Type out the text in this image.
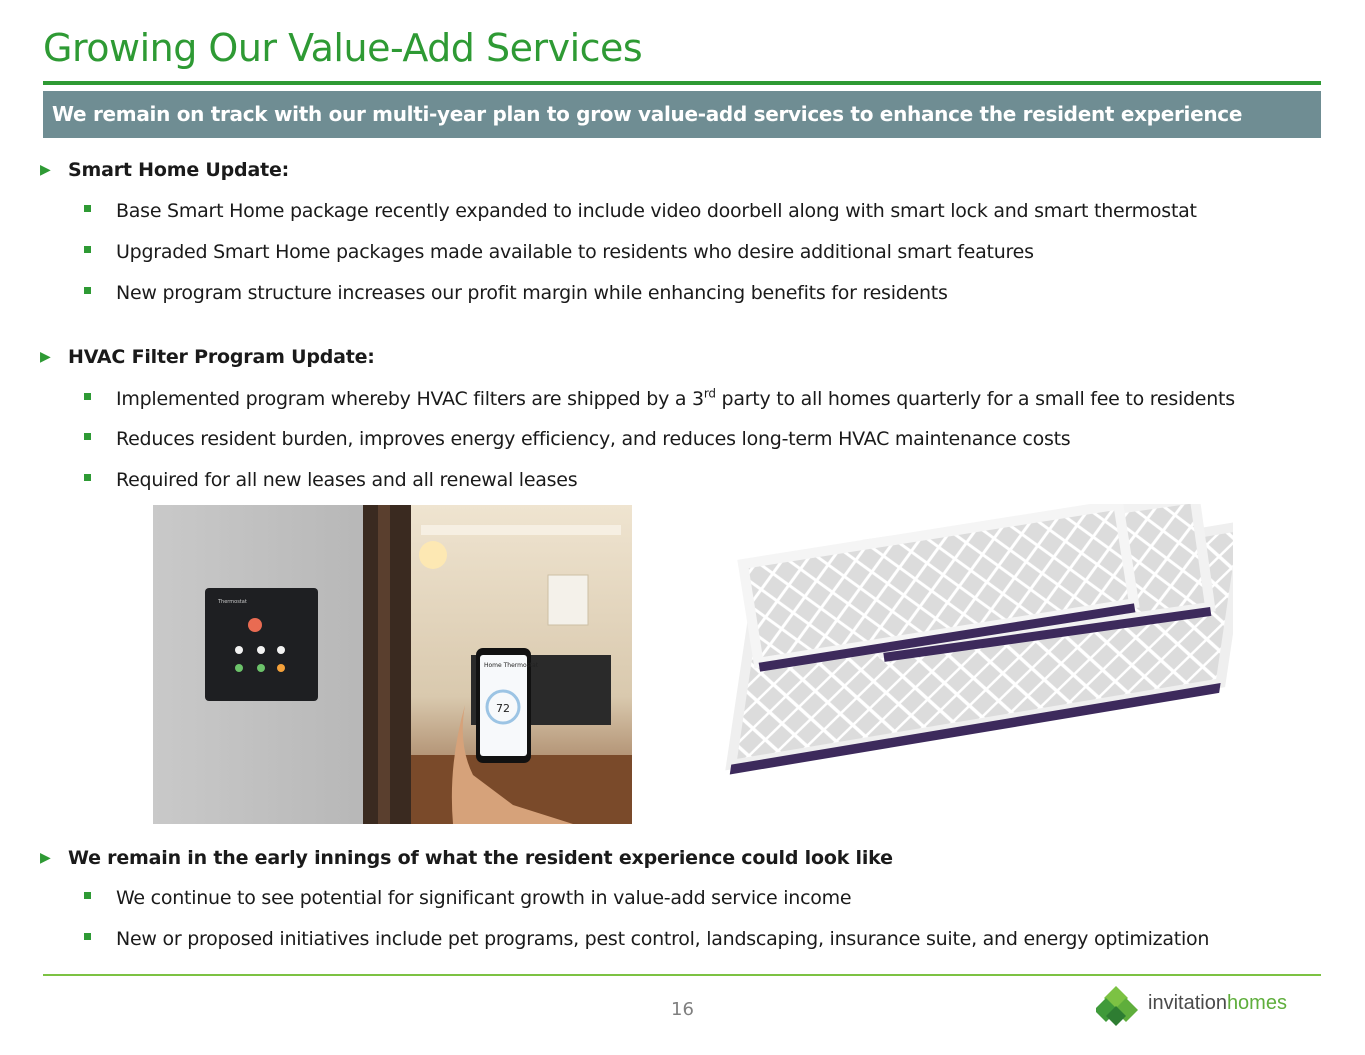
Growing Our Value-Add Services
We remain on track with our multi-year plan to grow value-add services to enhance the resident experience
▶ Smart Home Update:
Base Smart Home package recently expanded to include video doorbell along with smart lock and smart thermostat
Upgraded Smart Home packages made available to residents who desire additional smart features
New program structure increases our profit margin while enhancing benefits for residents
▶ HVAC Filter Program Update:
Implemented program whereby HVAC filters are shipped by a 3rd party to all homes quarterly for a small fee to residents
Reduces resident burden, improves energy efficiency, and reduces long-term HVAC maintenance costs
Required for all new leases and all renewal leases
Thermostat
Home Thermostat
72
▶ We remain in the early innings of what the resident experience could look like
We continue to see potential for significant growth in value-add service income
New or proposed initiatives include pet programs, pest control, landscaping, insurance suite, and energy optimization
16	invitationhomes
